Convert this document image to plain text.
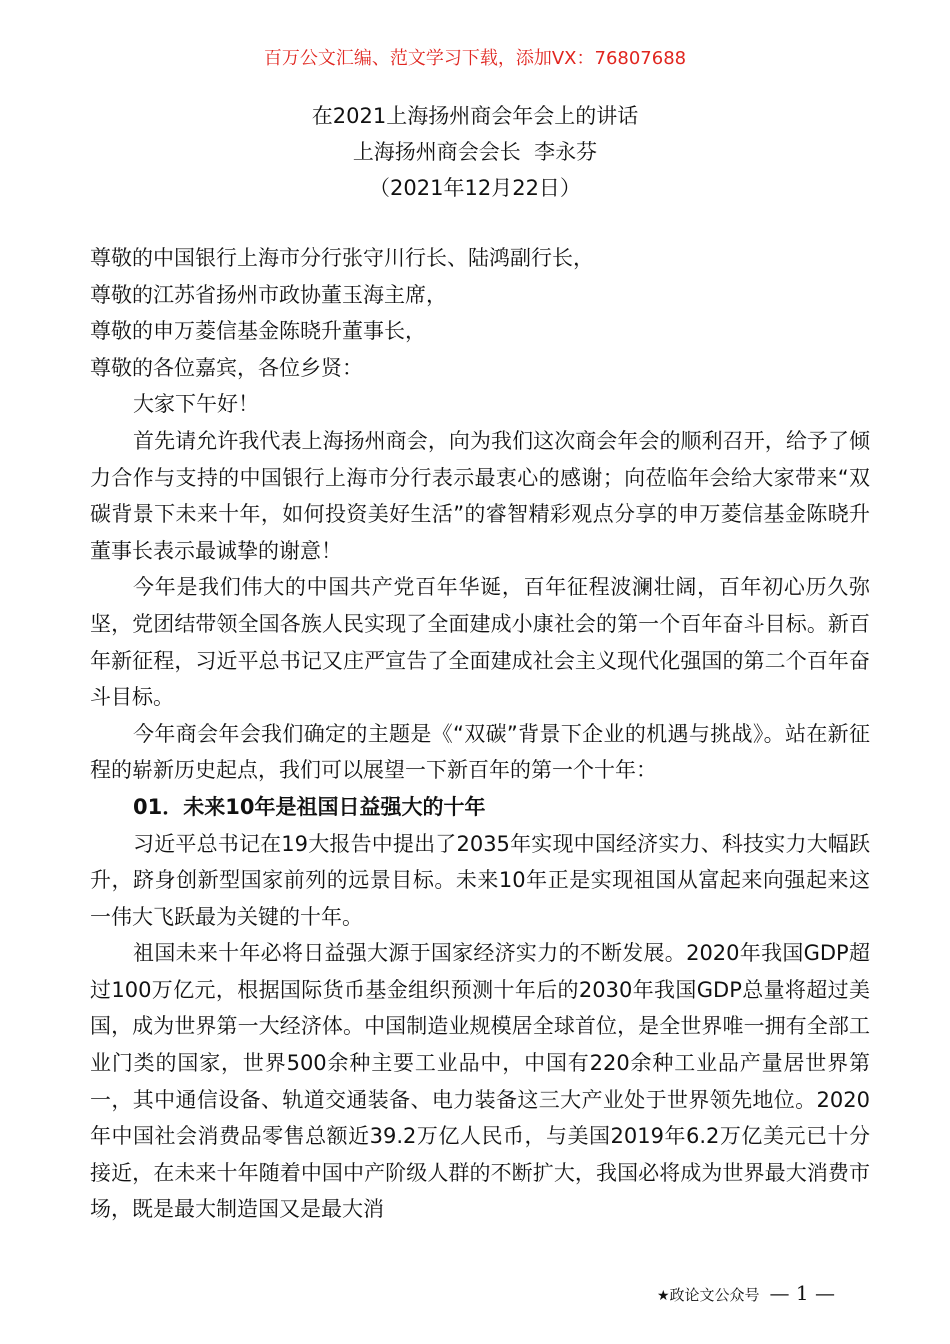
百万公文汇编、范文学习下载，添加VX：76807688
在2021上海扬州商会年会上的讲话
上海扬州商会会长  李永芬
（2021年12月22日）

尊敬的中国银行上海市分行张守川行长、陆鸿副行长，

尊敬的江苏省扬州市政协董玉海主席，

尊敬的申万菱信基金陈晓升董事长，

尊敬的各位嘉宾，各位乡贤：

大家下午好！

首先请允许我代表上海扬州商会，向为我们这次商会年会的顺利召开，给予了倾力合作与支持的中国银行上海市分行表示最衷心的感谢；向莅临年会给大家带来“双碳背景下未来十年，如何投资美好生活”的睿智精彩观点分享的申万菱信基金陈晓升董事长表示最诚挚的谢意！

今年是我们伟大的中国共产党百年华诞，百年征程波澜壮阔，百年初心历久弥坚，党团结带领全国各族人民实现了全面建成小康社会的第一个百年奋斗目标。新百年新征程，习近平总书记又庄严宣告了全面建成社会主义现代化强国的第二个百年奋斗目标。

今年商会年会我们确定的主题是《“双碳”背景下企业的机遇与挑战》。站在新征程的崭新历史起点，我们可以展望一下新百年的第一个十年：

01．未来10年是祖国日益强大的十年

习近平总书记在19大报告中提出了2035年实现中国经济实力、科技实力大幅跃升，跻身创新型国家前列的远景目标。未来10年正是实现祖国从富起来向强起来这一伟大飞跃最为关键的十年。

祖国未来十年必将日益强大源于国家经济实力的不断发展。2020年我国GDP超过100万亿元，根据国际货币基金组织预测十年后的2030年我国GDP总量将超过美国，成为世界第一大经济体。中国制造业规模居全球首位，是全世界唯一拥有全部工业门类的国家，世界500余种主要工业品中，中国有220余种工业品产量居世界第一，其中通信设备、轨道交通装备、电力装备这三大产业处于世界领先地位。2020年中国社会消费品零售总额近39.2万亿人民币，与美国2019年6.2万亿美元已十分接近，在未来十年随着中国中产阶级人群的不断扩大，我国必将成为世界最大消费市场，既是最大制造国又是最大消

★政论文公众号 — 1 —
